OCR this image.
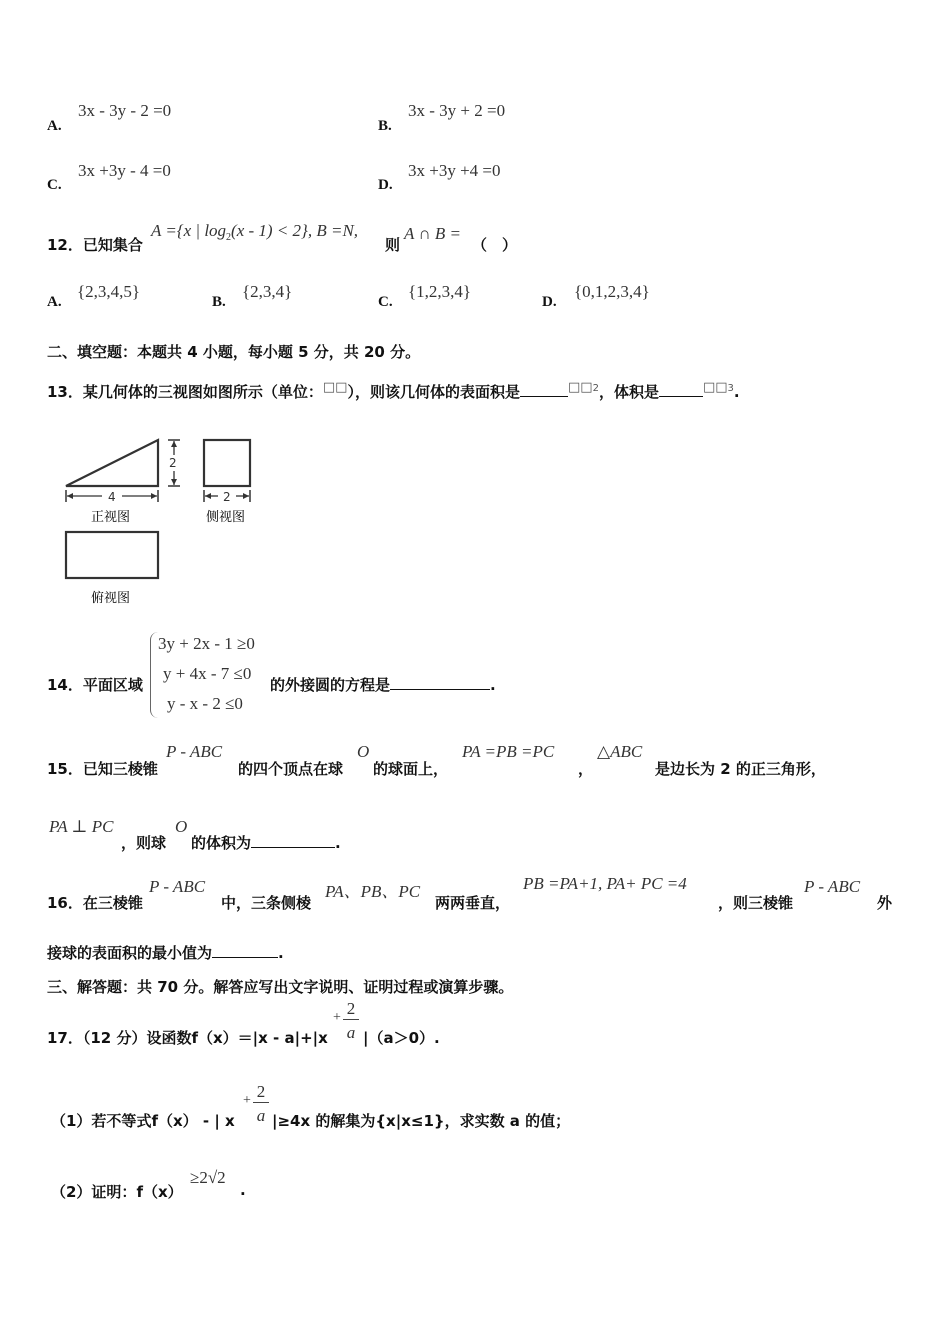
A.
3x - 3y - 2 =0
B.
3x - 3y + 2 =0
C.
3x +3y - 4 =0
D.
3x +3y +4 =0
12．已知集合
A ={x | $\log_2(x - 1) < 2$}, B =N,
则
A ∩ B =
（　）
A.
{2,3,4,5}
B.
{2,3,4}
C.
{1,2,3,4}
D.
{0,1,2,3,4}
二、填空题：本题共 4 小题，每小题 5 分，共 20 分。
13．某几何体的三视图如图所示（单位：□□），则该几何体的表面积是	□□$^2$，体积是	□□$^3$.
2
4
正视图
2
侧视图
俯视图
14．平面区域
3y + 2x - 1 ≥0
y + 4x - 7 ≤0
y - x - 2 ≤0
的外接圆的方程是	.
15．已知三棱锥
P - ABC
的四个顶点在球
O
的球面上，
PA =PB =PC
，
△ABC
是边长为 2 的正三角形，
PA ⊥ PC
，则球
O
的体积为	.
16．在三棱锥
P - ABC
中，三条侧棱
PA、PB、PC
两两垂直，
PB =PA+1, PA+ PC =4
，则三棱锥
P - ABC
外
接球的表面积的最小值为	.
三、解答题：共 70 分。解答应写出文字说明、证明过程或演算步骤。
17．（12 分）设函数f（x）＝|x - a|+|x
+ 2
a |（a＞0）.
（1）若不等式f（x） - | x
+ 2
a |≥4x 的解集为{x|x≤1}，求实数 a 的值；
（2）证明：f（x）
≥2√2
.
